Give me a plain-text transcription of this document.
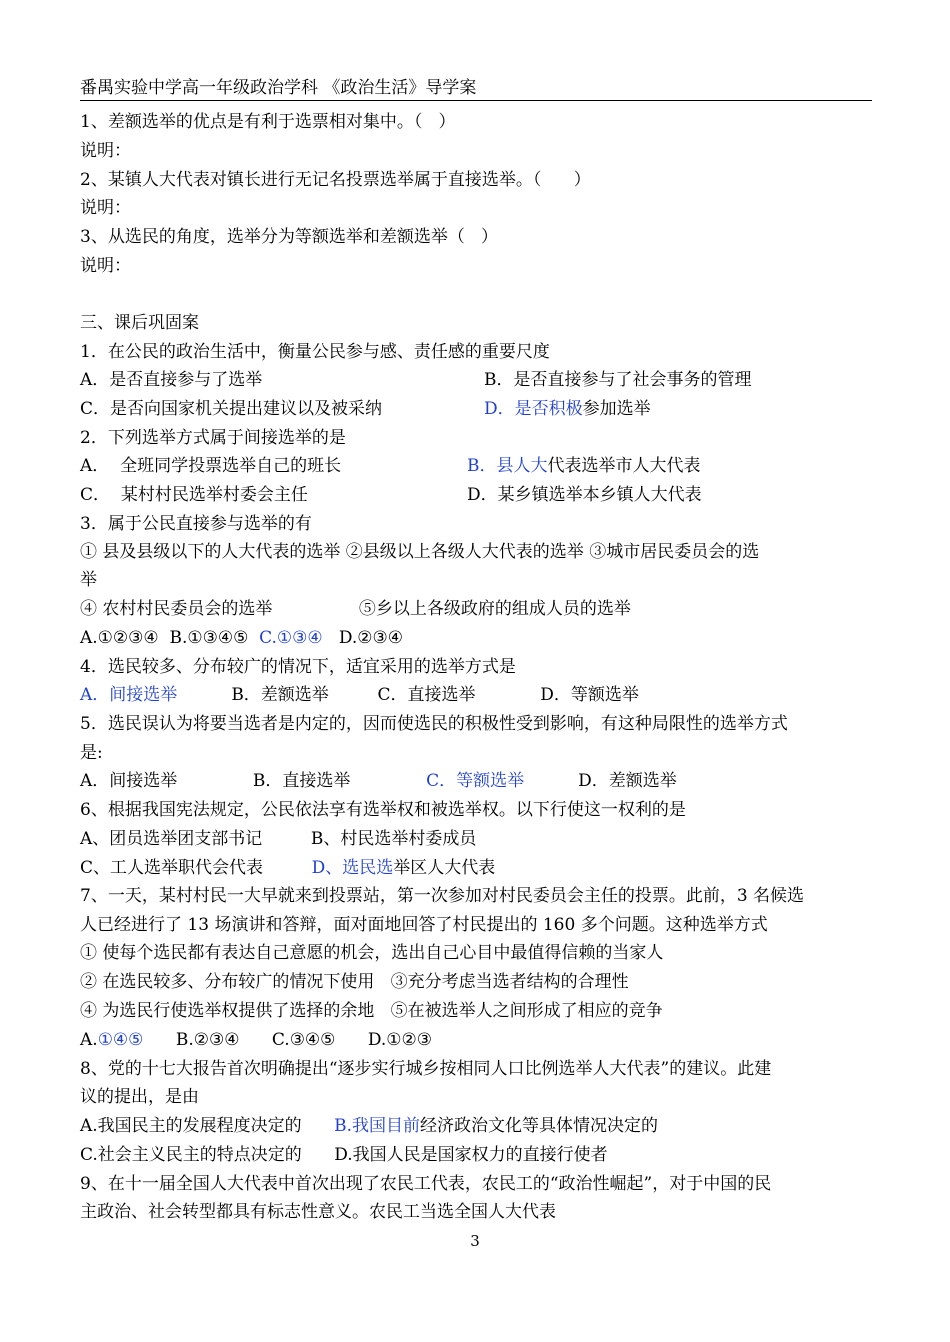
番禺实验中学高一年级政治学科 《政治生活》导学案
1、差额选举的优点是有利于选票相对集中。（   ）
说明：
2、某镇人大代表对镇长进行无记名投票选举属于直接选举。（      ）
说明：
3、从选民的角度，选举分为等额选举和差额选举（   ）
说明：
三、课后巩固案
1．在公民的政治生活中，衡量公民参与感、责任感的重要尺度
A．是否直接参与了选举	B．是否直接参与了社会事务的管理
C．是否向国家机关提出建议以及被采纳	D．是否积极参加选举
2．下列选举方式属于间接选举的是
A．  全班同学投票选举自己的班长	B．县人大代表选举市人大代表
C．  某村村民选举村委会主任	D．某乡镇选举本乡镇人大代表
3．属于公民直接参与选举的有
① 县及县级以下的人大代表的选举 ②县级以上各级人大代表的选举 ③城市居民委员会的选
举
④ 农村村民委员会的选举                ⑤乡以上各级政府的组成人员的选举
A.①②③④  B.①③④⑤  C.①③④   D.②③④
4．选民较多、分布较广的情况下，适宜采用的选举方式是
A．间接选举          B．差额选举         C．直接选举            D．等额选举
5．选民误认为将要当选者是内定的，因而使选民的积极性受到影响，有这种局限性的选举方式
是:
A．间接选举              B．直接选举              C．等额选举          D．差额选举
6、根据我国宪法规定，公民依法享有选举权和被选举权。以下行使这一权利的是
A、团员选举团支部书记         B、村民选举村委成员
C、工人选举职代会代表         D、选民选举区人大代表
7、一天，某村村民一大早就来到投票站，第一次参加对村民委员会主任的投票。此前，3 名候选
人已经进行了 13 场演讲和答辩，面对面地回答了村民提出的 160 多个问题。这种选举方式
① 使每个选民都有表达自己意愿的机会，选出自己心目中最值得信赖的当家人
② 在选民较多、分布较广的情况下使用   ③充分考虑当选者结构的合理性
④ 为选民行使选举权提供了选择的余地   ⑤在被选举人之间形成了相应的竞争
A.①④⑤      B.②③④      C.③④⑤      D.①②③
8、党的十七大报告首次明确提出“逐步实行城乡按相同人口比例选举人大代表”的建议。此建
议的提出，是由
A.我国民主的发展程度决定的      B.我国目前经济政治文化等具体情况决定的
C.社会主义民主的特点决定的      D.我国人民是国家权力的直接行使者
9、在十一届全国人大代表中首次出现了农民工代表，农民工的“政治性崛起”，对于中国的民
主政治、社会转型都具有标志性意义。农民工当选全国人大代表
3
